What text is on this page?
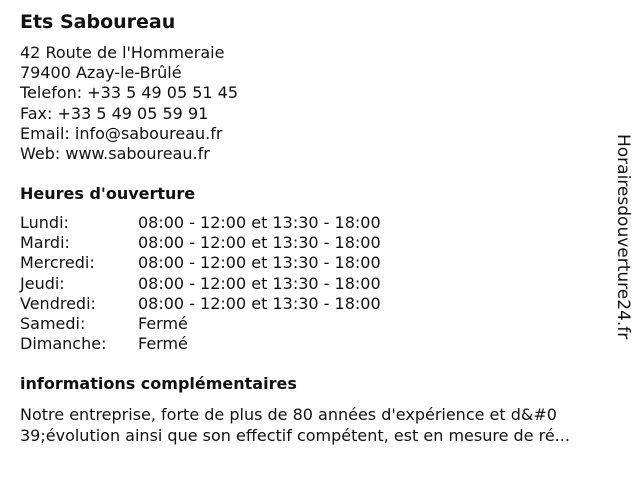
Ets Saboureau
42 Route de l'Hommeraie
79400 Azay-le-Brûlé
Telefon: +33 5 49 05 51 45
Fax: +33 5 49 05 59 91
Email: info@saboureau.fr
Web: www.saboureau.fr
Heures d'ouverture
Lundi:	08:00 - 12:00 et 13:30 - 18:00
Mardi:	08:00 - 12:00 et 13:30 - 18:00
Mercredi:	08:00 - 12:00 et 13:30 - 18:00
Jeudi:	08:00 - 12:00 et 13:30 - 18:00
Vendredi:	08:00 - 12:00 et 13:30 - 18:00
Samedi:	Fermé
Dimanche:	Fermé
informations complémentaires
Notre entreprise, forte de plus de 80 années d'expérience et d&#0
39;évolution ainsi que son effectif compétent, est en mesure de ré...
Horairesdouverture24.fr
